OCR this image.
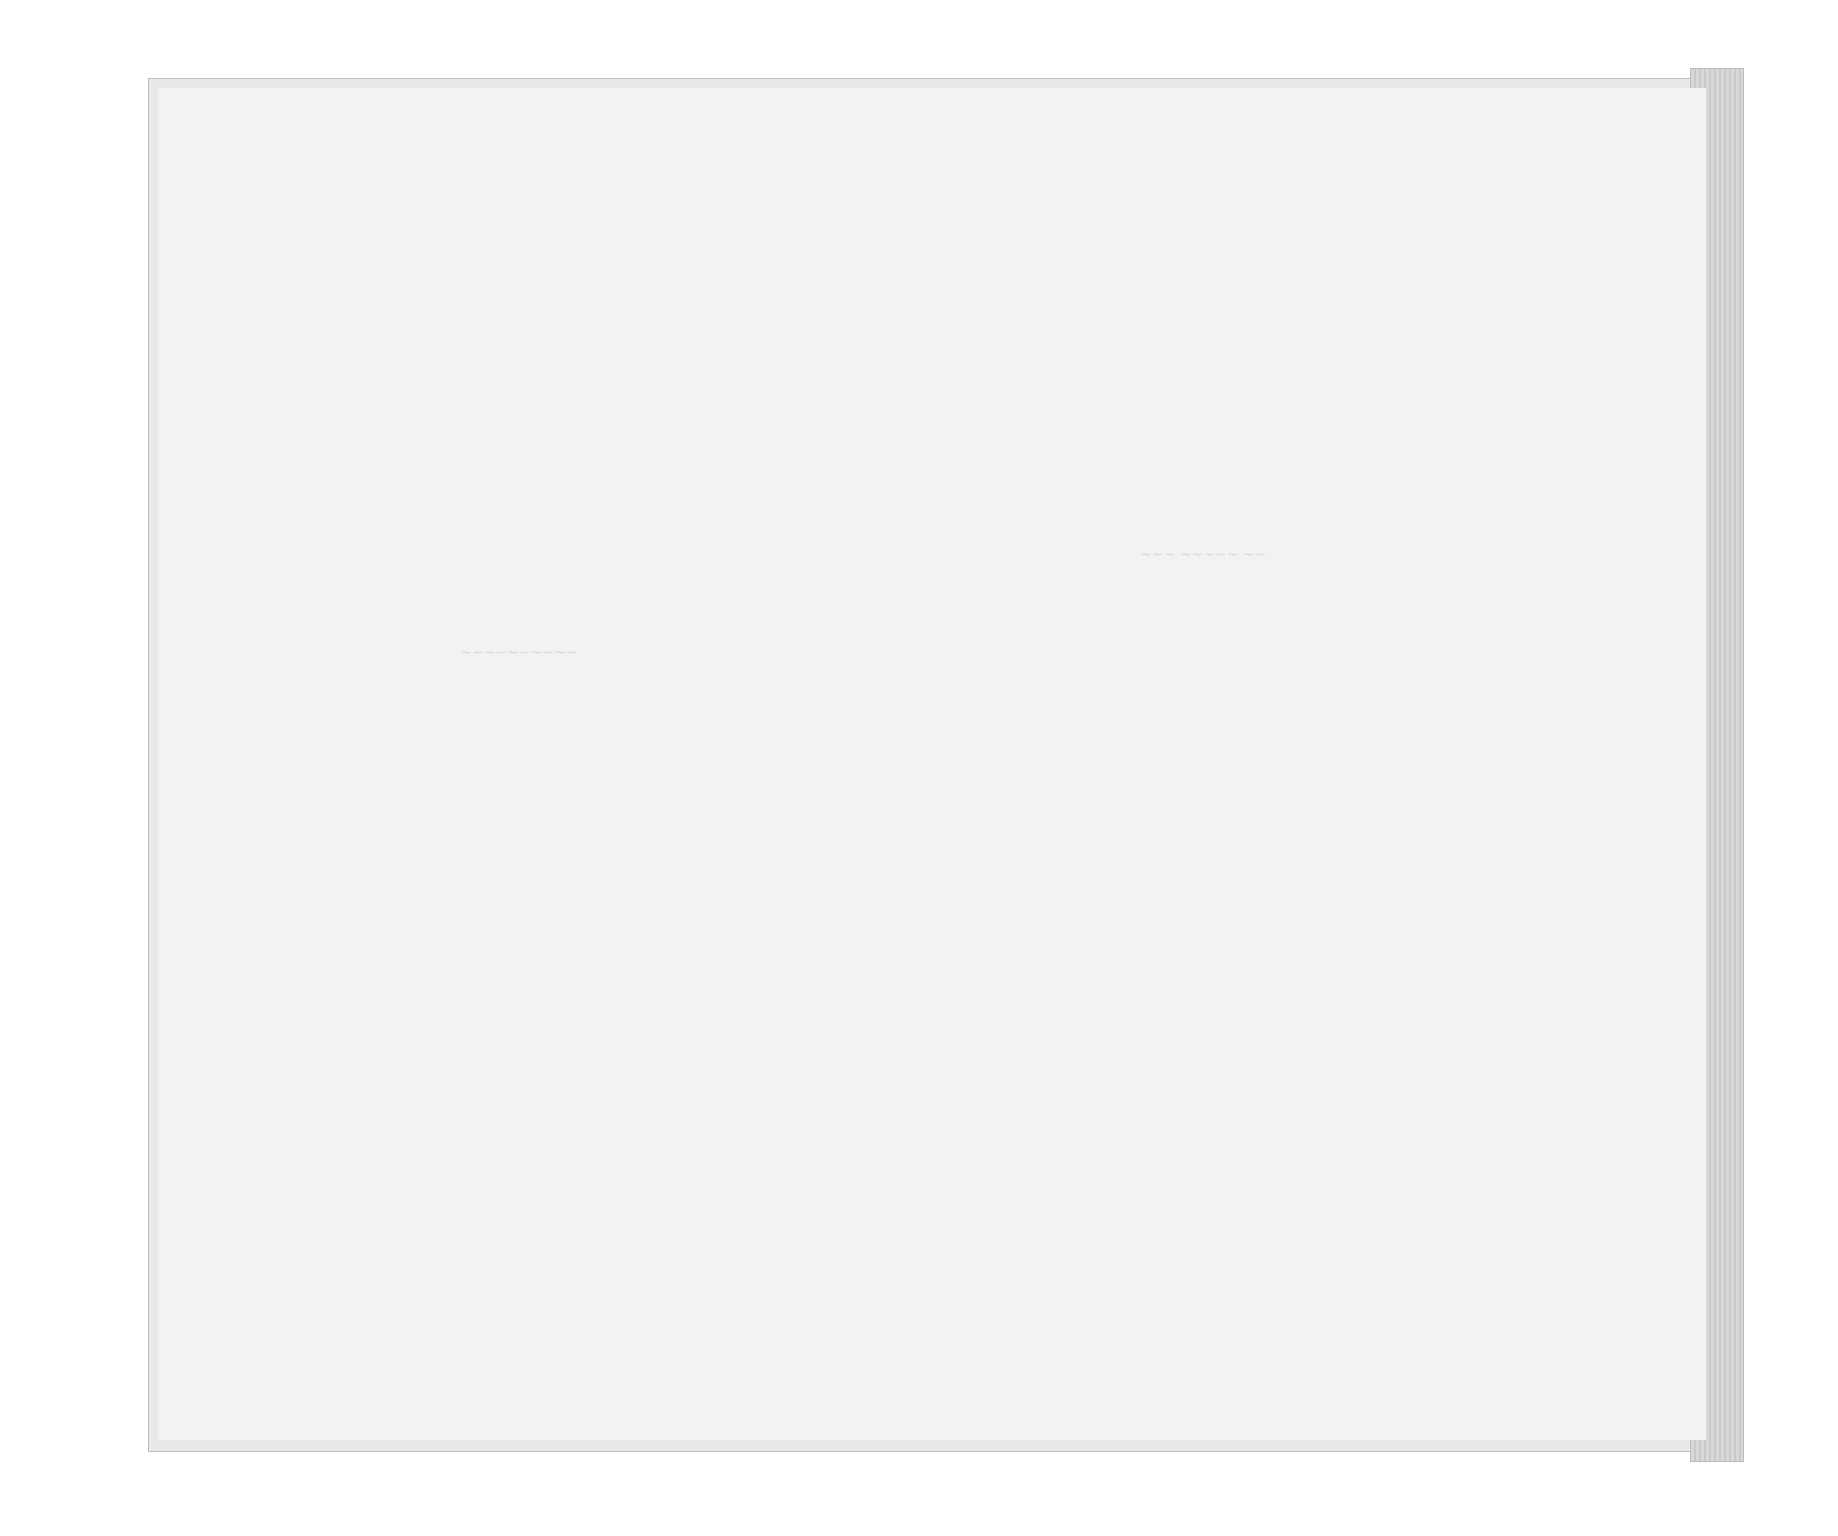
~~~ ~~~~~ ~~
~~~~~~~~~~
